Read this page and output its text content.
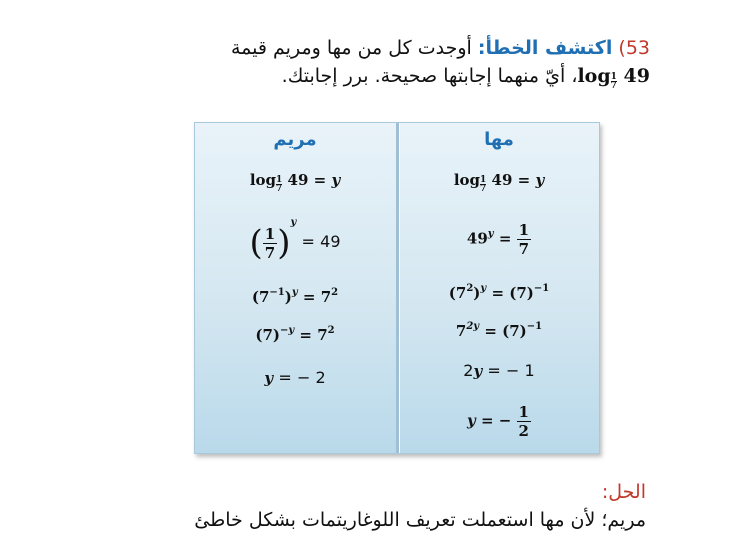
53) اكتشف الخطأ: أوجدت كل من مها ومريم قيمة
$\log \frac{1}{7}$ 49، أيّ منهما إجابتها صحيحة. برر إجابتك.
مريم
$\log \frac{1}{7} 49 = y$
( $\frac{1}{7} )^y = 49$
$(7^{-1})^y = 7^2$
$(7)^{-y} = 7^2$
y = − 2
مها
$\log \frac{1}{7} 49 = y$
$49^y = \frac{1}{7}$
$(7^2)^y = (7)^{-1}$
$7^{2y} = (7)^{-1}$
2y = − 1
y = − $\frac{1}{2}$
الحل:
مريم؛ لأن مها استعملت تعريف اللوغاريتمات بشكل خاطئ
